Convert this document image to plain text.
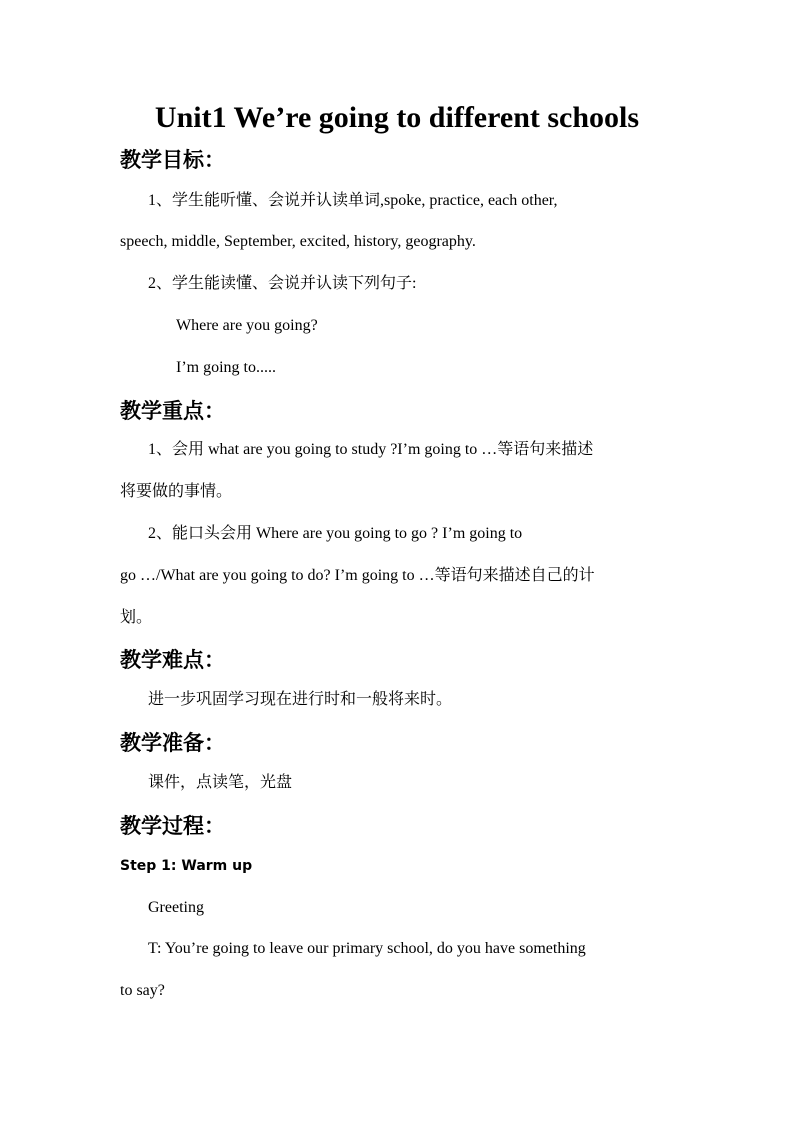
Unit1 We’re going to different schools
教学目标：
1、学生能听懂、会说并认读单词,spoke, practice, each other,
speech, middle, September, excited, history, geography.
2、学生能读懂、会说并认读下列句子:
Where are you going?
I’m going to.....
教学重点：
1、会用 what are you going to study ?I’m going to …等语句来描述
将要做的事情。
2、能口头会用 Where are you going to go ? I’m going to
go …/What are you going to do? I’m going to …等语句来描述自己的计
划。
教学难点：
进一步巩固学习现在进行时和一般将来时。
教学准备：
课件，点读笔，光盘
教学过程：
Step 1: Warm up
Greeting
T: You’re going to leave our primary school, do you have something
to say?
